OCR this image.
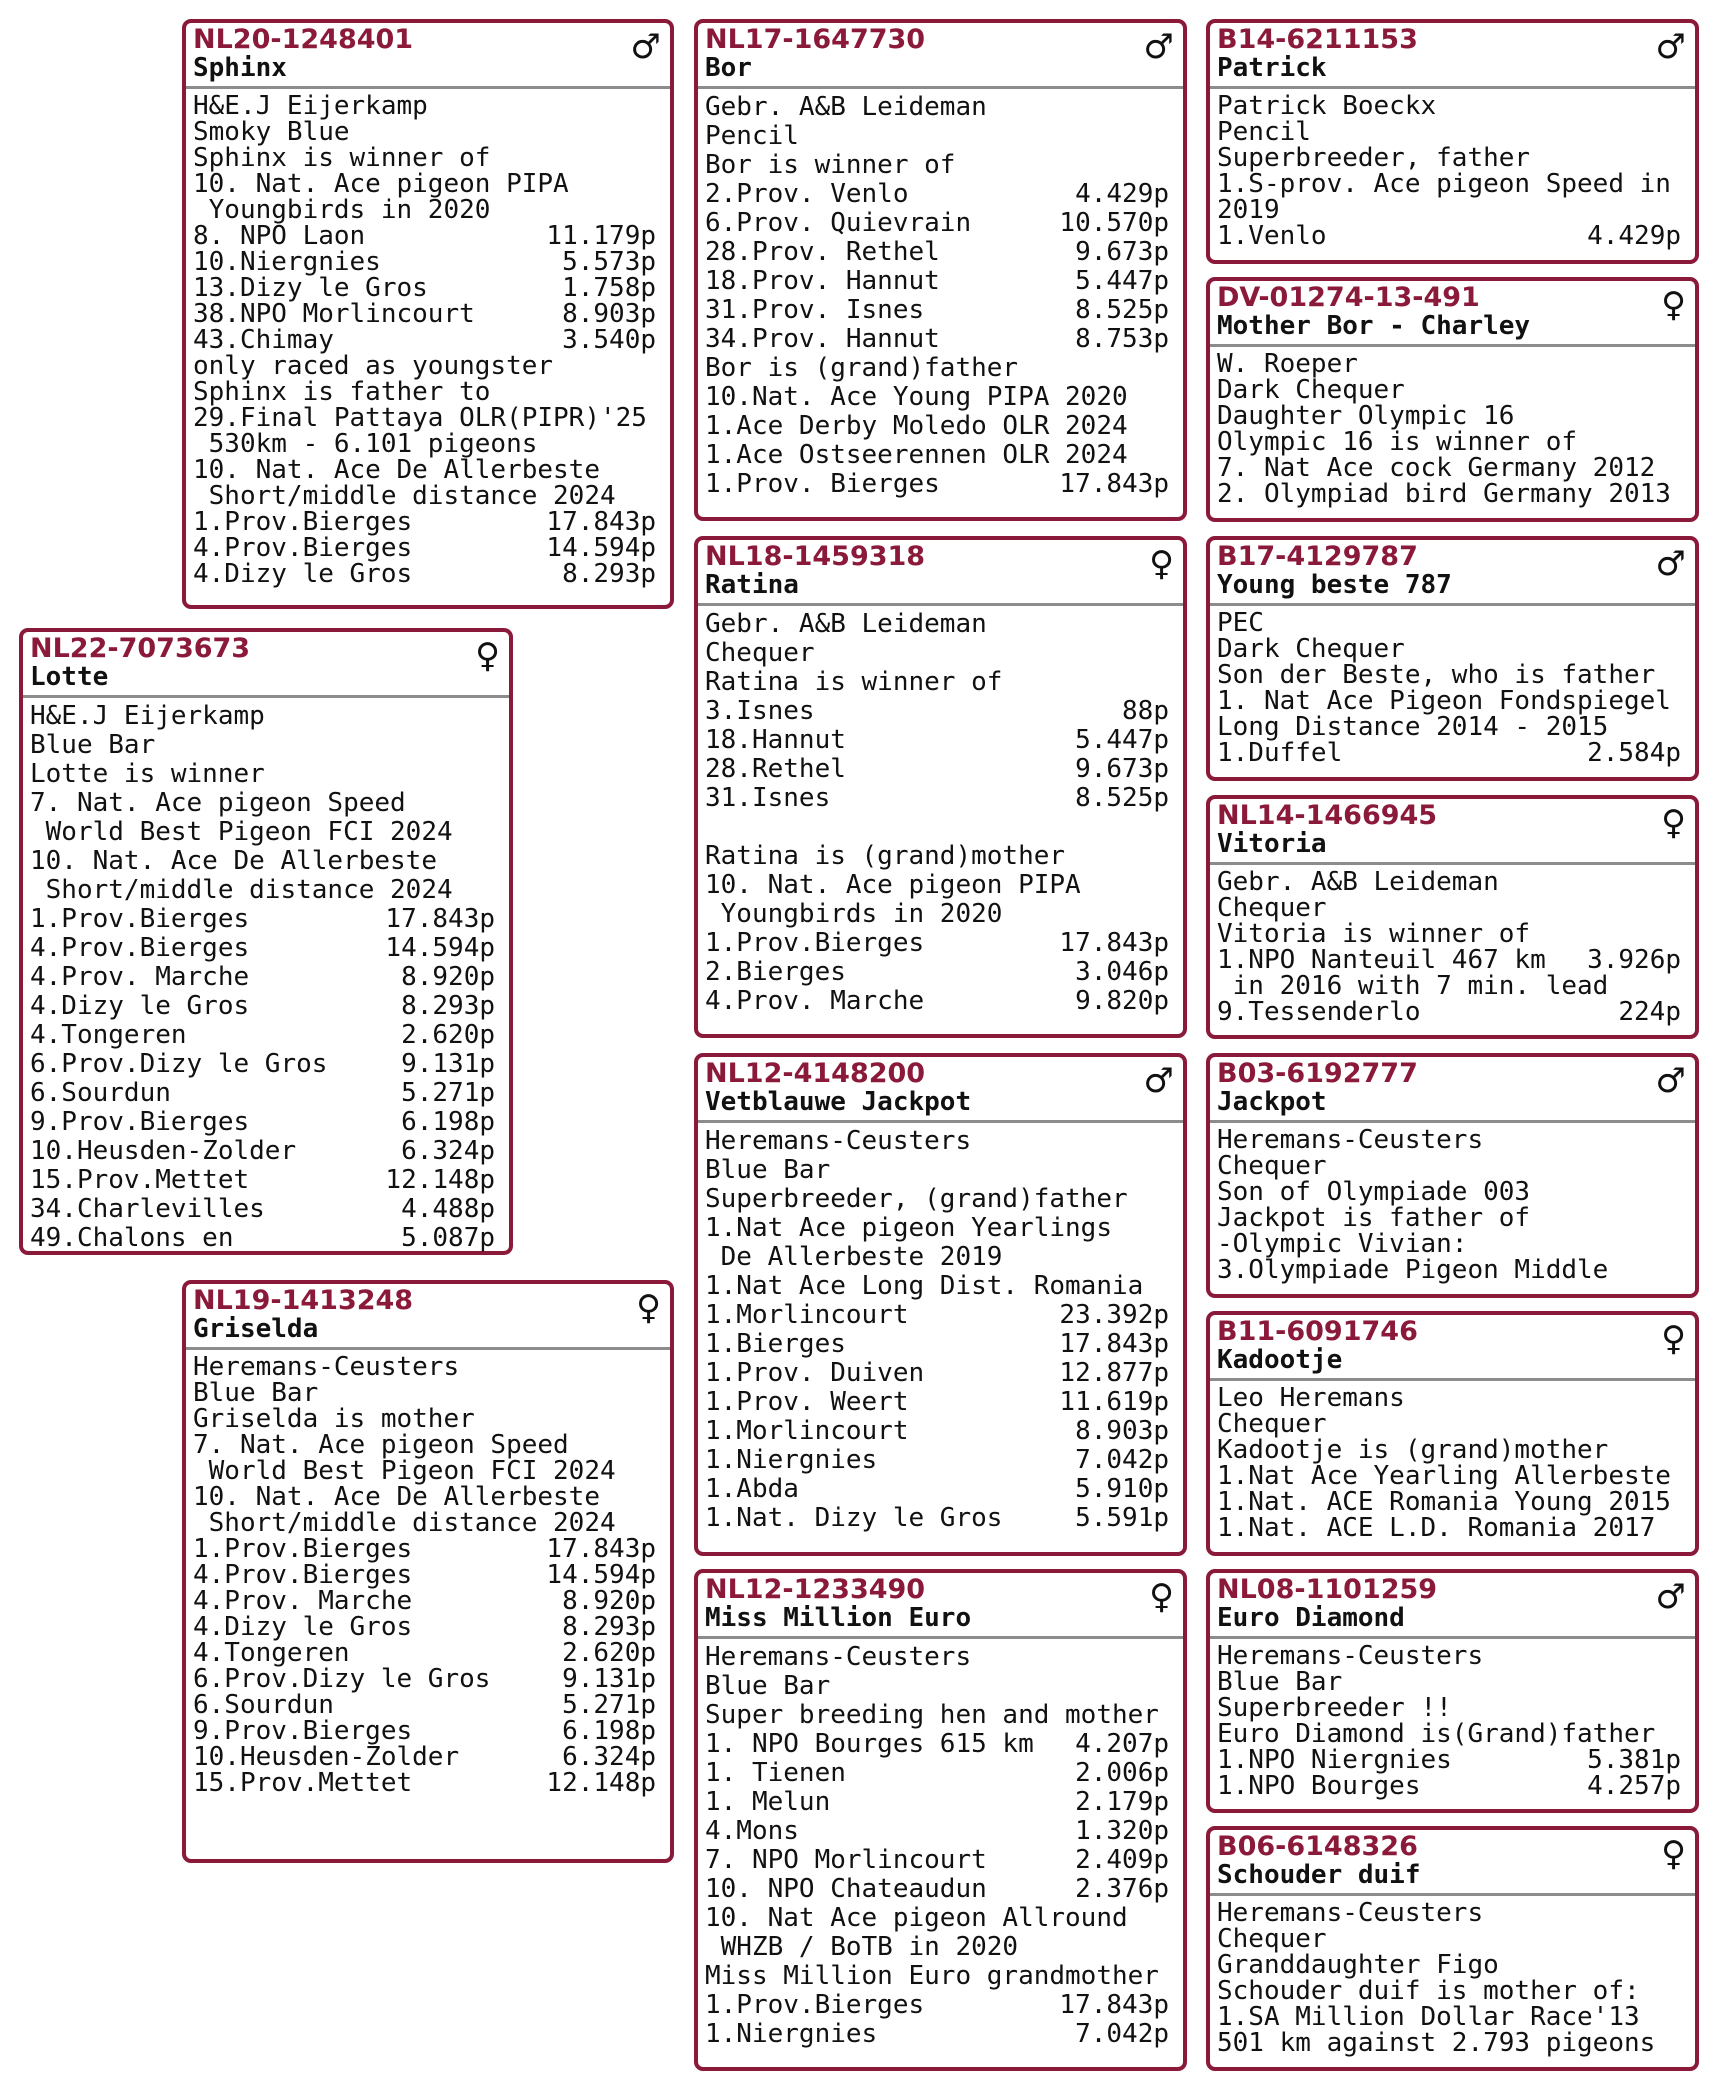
NL20-1248401
Sphinx
♂
H&E.J Eijerkamp
Smoky Blue
Sphinx is winner of
10. Nat. Ace pigeon PIPA
Youngbirds in 2020
8. NPO Laon	11.179p
10.Niergnies	5.573p
13.Dizy le Gros	1.758p
38.NPO Morlincourt	8.903p
43.Chimay	3.540p
only raced as youngster
Sphinx is father to
29.Final Pattaya OLR(PIPR)'25
530km - 6.101 pigeons
10. Nat. Ace De Allerbeste
Short/middle distance 2024
1.Prov.Bierges	17.843p
4.Prov.Bierges	14.594p
4.Dizy le Gros	8.293p
NL22-7073673
Lotte
♀
H&E.J Eijerkamp
Blue Bar
Lotte is winner
7. Nat. Ace pigeon Speed
World Best Pigeon FCI 2024
10. Nat. Ace De Allerbeste
Short/middle distance 2024
1.Prov.Bierges	17.843p
4.Prov.Bierges	14.594p
4.Prov. Marche	8.920p
4.Dizy le Gros	8.293p
4.Tongeren	2.620p
6.Prov.Dizy le Gros	9.131p
6.Sourdun	5.271p
9.Prov.Bierges	6.198p
10.Heusden-Zolder	6.324p
15.Prov.Mettet	12.148p
34.Charlevilles	4.488p
49.Chalons en	5.087p
NL19-1413248
Griselda
♀
Heremans-Ceusters
Blue Bar
Griselda is mother
7. Nat. Ace pigeon Speed
World Best Pigeon FCI 2024
10. Nat. Ace De Allerbeste
Short/middle distance 2024
1.Prov.Bierges	17.843p
4.Prov.Bierges	14.594p
4.Prov. Marche	8.920p
4.Dizy le Gros	8.293p
4.Tongeren	2.620p
6.Prov.Dizy le Gros	9.131p
6.Sourdun	5.271p
9.Prov.Bierges	6.198p
10.Heusden-Zolder	6.324p
15.Prov.Mettet	12.148p
NL17-1647730
Bor
♂
Gebr. A&B Leideman
Pencil
Bor is winner of
2.Prov. Venlo	4.429p
6.Prov. Quievrain	10.570p
28.Prov. Rethel	9.673p
18.Prov. Hannut	5.447p
31.Prov. Isnes	8.525p
34.Prov. Hannut	8.753p
Bor is (grand)father
10.Nat. Ace Young PIPA 2020
1.Ace Derby Moledo OLR 2024
1.Ace Ostseerennen OLR 2024
1.Prov. Bierges	17.843p
NL18-1459318
Ratina
♀
Gebr. A&B Leideman
Chequer
Ratina is winner of
3.Isnes	88p
18.Hannut	5.447p
28.Rethel	9.673p
31.Isnes	8.525p
Ratina is (grand)mother
10. Nat. Ace pigeon PIPA
Youngbirds in 2020
1.Prov.Bierges	17.843p
2.Bierges	3.046p
4.Prov. Marche	9.820p
NL12-4148200
Vetblauwe Jackpot
♂
Heremans-Ceusters
Blue Bar
Superbreeder, (grand)father
1.Nat Ace pigeon Yearlings
De Allerbeste 2019
1.Nat Ace Long Dist. Romania
1.Morlincourt	23.392p
1.Bierges	17.843p
1.Prov. Duiven	12.877p
1.Prov. Weert	11.619p
1.Morlincourt	8.903p
1.Niergnies	7.042p
1.Abda	5.910p
1.Nat. Dizy le Gros	5.591p
NL12-1233490
Miss Million Euro
♀
Heremans-Ceusters
Blue Bar
Super breeding hen and mother
1. NPO Bourges 615 km 4.207p
1. Tienen	2.006p
1. Melun	2.179p
4.Mons	1.320p
7. NPO Morlincourt	2.409p
10. NPO Chateaudun	2.376p
10. Nat Ace pigeon Allround
WHZB / BoTB in 2020
Miss Million Euro grandmother
1.Prov.Bierges	17.843p
1.Niergnies	7.042p
B14-6211153
Patrick
♂
Patrick Boeckx
Pencil
Superbreeder, father
1.S-prov. Ace pigeon Speed in
2019
1.Venlo	4.429p
DV-01274-13-491
Mother Bor - Charley
♀
W. Roeper
Dark Chequer
Daughter Olympic 16
Olympic 16 is winner of
7. Nat Ace cock Germany 2012
2. Olympiad bird Germany 2013
B17-4129787
Young beste 787
♂
PEC
Dark Chequer
Son der Beste, who is father
1. Nat Ace Pigeon Fondspiegel
Long Distance 2014 - 2015
1.Duffel	2.584p
NL14-1466945
Vitoria
♀
Gebr. A&B Leideman
Chequer
Vitoria is winner of
1.NPO Nanteuil 467 km 3.926p
in 2016 with 7 min. lead
9.Tessenderlo	224p
B03-6192777
Jackpot
♂
Heremans-Ceusters
Chequer
Son of Olympiade 003
Jackpot is father of
-Olympic Vivian:
3.Olympiade Pigeon Middle
B11-6091746
Kadootje
♀
Leo Heremans
Chequer
Kadootje is (grand)mother
1.Nat Ace Yearling Allerbeste
1.Nat. ACE Romania Young 2015
1.Nat. ACE L.D. Romania 2017
NL08-1101259
Euro Diamond
♂
Heremans-Ceusters
Blue Bar
Superbreeder !!
Euro Diamond is(Grand)father
1.NPO Niergnies	5.381p
1.NPO Bourges	4.257p
B06-6148326
Schouder duif
♀
Heremans-Ceusters
Chequer
Granddaughter Figo
Schouder duif is mother of:
1.SA Million Dollar Race'13
501 km against 2.793 pigeons
